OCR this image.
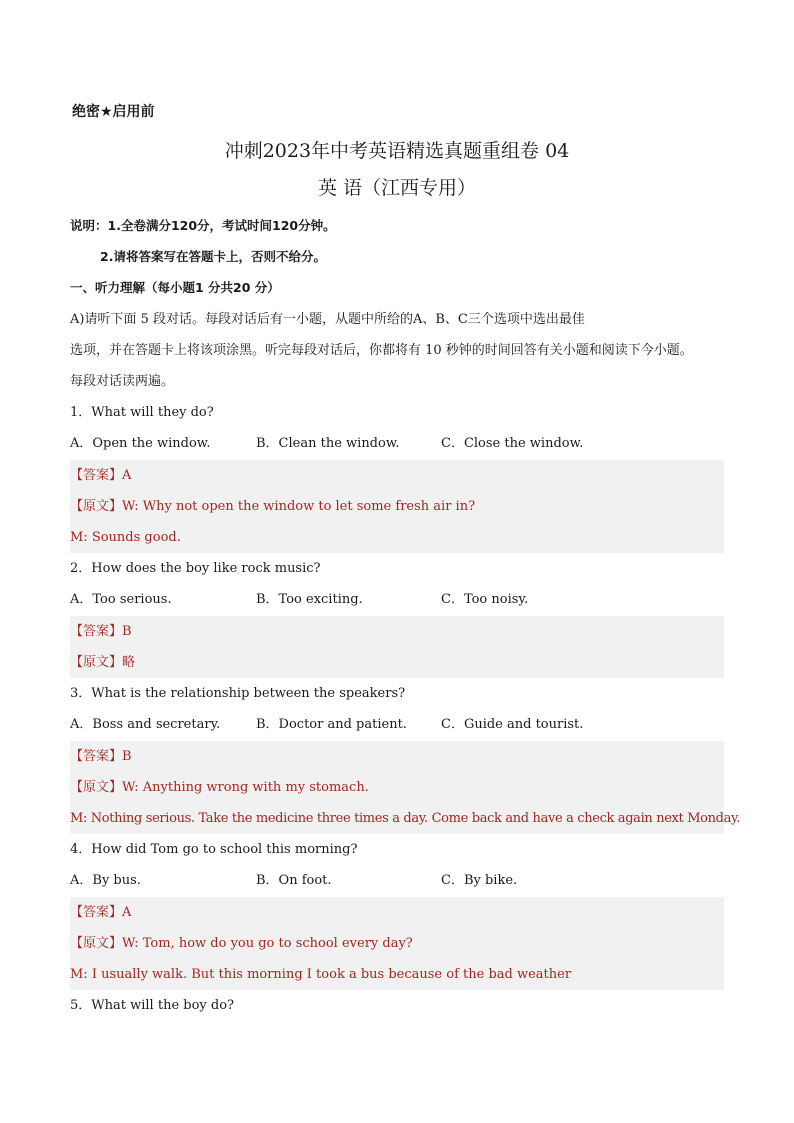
绝密★启用前
冲刺2023年中考英语精选真题重组卷 04
英 语（江西专用）
说明：1.全卷满分120分，考试时间120分钟。
2.请将答案写在答题卡上，否则不给分。
一、听力理解（每小题1 分共20 分）
A)请听下面 5 段对话。每段对话后有一小题，从题中所给的A、B、C三个选项中选出最佳
选项，并在答题卡上将该项涂黑。听完每段对话后，你都将有 10 秒钟的时间回答有关小题和阅读下今小题。
每段对话读两遍。
1．What will they do?
A．Open the window.	B．Clean the window.	C．Close the window.
【答案】A
【原文】W: Why not open the window to let some fresh air in?
M: Sounds good.
2．How does the boy like rock music?
A．Too serious.	B．Too exciting.	C．Too noisy.
【答案】B
【原文】略
3．What is the relationship between the speakers?
A．Boss and secretary.	B．Doctor and patient.	C．Guide and tourist.
【答案】B
【原文】W: Anything wrong with my stomach.
M: Nothing serious. Take the medicine three times a day. Come back and have a check again next Monday.
4．How did Tom go to school this morning?
A．By bus.	B．On foot.	C．By bike.
【答案】A
【原文】W: Tom, how do you go to school every day?
M: I usually walk. But this morning I took a bus because of the bad weather
5．What will the boy do?
